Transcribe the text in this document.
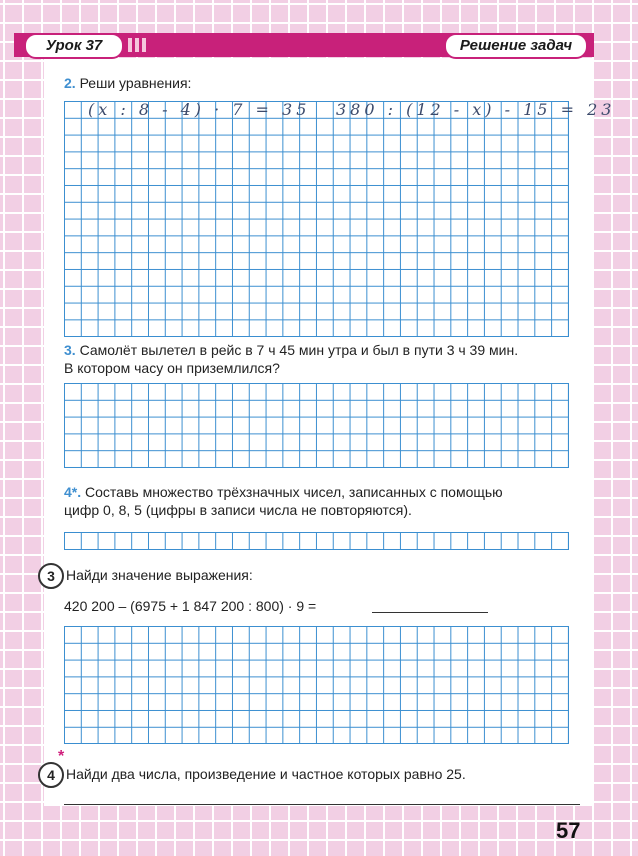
Урок 37	Решение задач
2. Реши уравнения:
(x : 8 - 4) · 7 = 35 380 : (12 - x) - 15 = 23
3. Самолёт вылетел в рейс в 7 ч 45 мин утра и был в пути 3 ч 39 мин.
В котором часу он приземлился?
4*. Составь множество трёхзначных чисел, записанных с помощью
цифр 0, 8, 5 (цифры в записи числа не повторяются).
3 Найди значение выражения:
420 200 – (6975 + 1 847 200 : 800) · 9 =
*
4 Найди два числа, произведение и частное которых равно 25.
57
